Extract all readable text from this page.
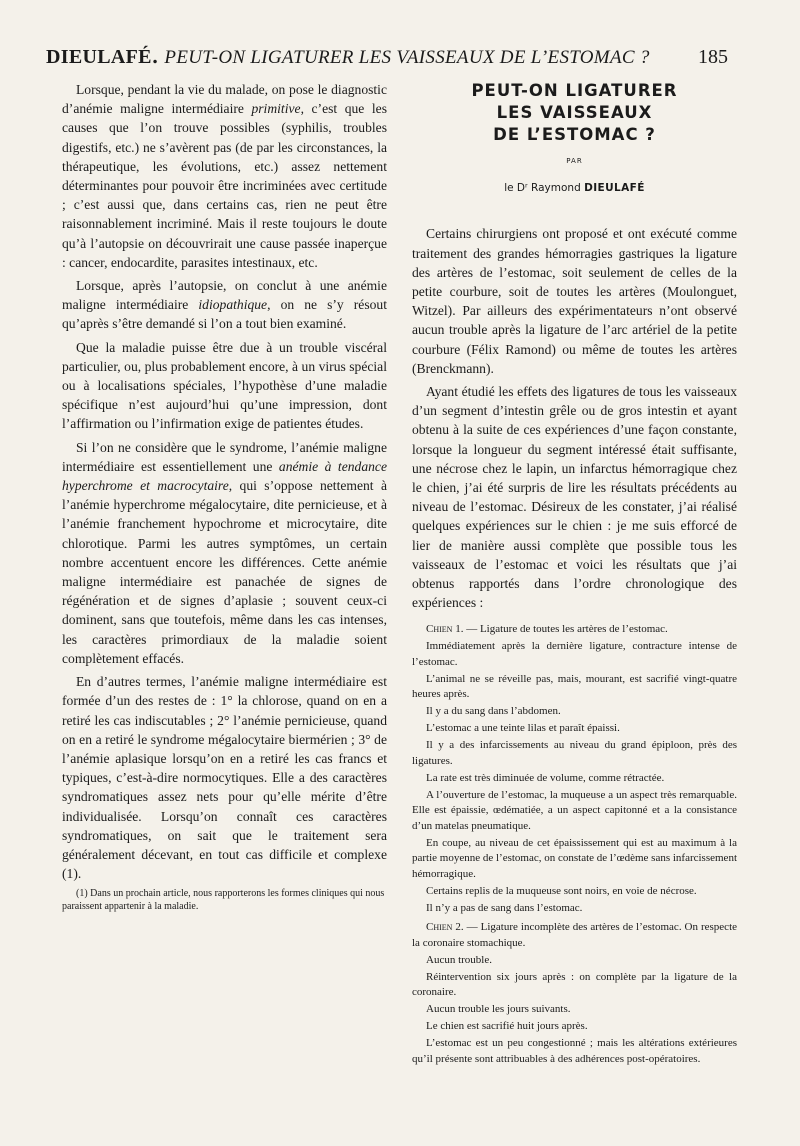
DIEULAFÉ. PEUT-ON LIGATURER LES VAISSEAUX DE L’ESTOMAC ? 185

Lorsque, pendant la vie du malade, on pose le diagnostic d’anémie maligne intermédiaire primitive, c’est que les causes que l’on trouve possibles (syphilis, troubles digestifs, etc.) ne s’avèrent pas (de par les circonstances, la thérapeutique, les évolutions, etc.) assez nettement déterminantes pour pouvoir être incriminées avec certitude ; c’est aussi que, dans certains cas, rien ne peut être raisonnablement incriminé. Mais il reste toujours le doute qu’à l’autopsie on découvrirait une cause passée inaperçue : cancer, endocardite, parasites intestinaux, etc.

Lorsque, après l’autopsie, on conclut à une anémie maligne intermédiaire idiopathique, on ne s’y résout qu’après s’être demandé si l’on a tout bien examiné.

Que la maladie puisse être due à un trouble viscéral particulier, ou, plus probablement encore, à un virus spécial ou à localisations spéciales, l’hypothèse d’une maladie spécifique n’est aujourd’hui qu’une impression, dont l’affirmation ou l’infirmation exige de patientes études.

Si l’on ne considère que le syndrome, l’anémie maligne intermédiaire est essentiellement une anémie à tendance hyperchrome et macrocytaire, qui s’oppose nettement à l’anémie hyperchrome mégalocytaire, dite pernicieuse, et à l’anémie franchement hypochrome et microcytaire, dite chlorotique. Parmi les autres symptômes, un certain nombre accentuent encore les différences. Cette anémie maligne intermédiaire est panachée de signes de régénération et de signes d’aplasie ; souvent ceux-ci dominent, sans que toutefois, même dans les cas intenses, les caractères primordiaux de la maladie soient complètement effacés.

En d’autres termes, l’anémie maligne intermédiaire est formée d’un des restes de : 1° la chlorose, quand on en a retiré les cas indiscutables ; 2° l’anémie pernicieuse, quand on en a retiré le syndrome mégalocytaire biermérien ; 3° de l’anémie aplasique lorsqu’on en a retiré les cas francs et typiques, c’est-à-dire normocytiques. Elle a des caractères syndromatiques assez nets pour qu’elle mérite d’être individualisée. Lorsqu’on connaît ces caractères syndromatiques, on sait que le traitement sera généralement décevant, en tout cas difficile et complexe (1).

(1) Dans un prochain article, nous rapporterons les formes cliniques qui nous paraissent appartenir à la maladie.

PEUT-ON LIGATURER
LES VAISSEAUX
DE L’ESTOMAC ?
PAR
le Dʳ Raymond DIEULAFÉ

Certains chirurgiens ont proposé et ont exécuté comme traitement des grandes hémorragies gastriques la ligature des artères de l’estomac, soit seulement de celles de la petite courbure, soit de toutes les artères (Moulonguet, Witzel). Par ailleurs des expérimentateurs n’ont observé aucun trouble après la ligature de l’arc artériel de la petite courbure (Félix Ramond) ou même de toutes les artères (Brenckmann).

Ayant étudié les effets des ligatures de tous les vaisseaux d’un segment d’intestin grêle ou de gros intestin et ayant obtenu à la suite de ces expériences d’une façon constante, lorsque la longueur du segment intéressé était suffisante, une nécrose chez le lapin, un infarctus hémorragique chez le chien, j’ai été surpris de lire les résultats précédents au niveau de l’estomac. Désireux de les constater, j’ai réalisé quelques expériences sur le chien : je me suis efforcé de lier de manière aussi complète que possible tous les vaisseaux de l’estomac et voici les résultats que j’ai obtenus rapportés dans l’ordre chronologique des expériences :

Chien 1. — Ligature de toutes les artères de l’estomac.

Immédiatement après la dernière ligature, contracture intense de l’estomac.

L’animal ne se réveille pas, mais, mourant, est sacrifié vingt-quatre heures après.

Il y a du sang dans l’abdomen.

L’estomac a une teinte lilas et paraît épaissi.

Il y a des infarcissements au niveau du grand épiploon, près des ligatures.

La rate est très diminuée de volume, comme rétractée.

A l’ouverture de l’estomac, la muqueuse a un aspect très remarquable. Elle est épaissie, œdématiée, a un aspect capitonné et a la consistance d’un matelas pneumatique.

En coupe, au niveau de cet épaississement qui est au maximum à la partie moyenne de l’estomac, on constate de l’œdème sans infarcissement hémorragique.

Certains replis de la muqueuse sont noirs, en voie de nécrose.

Il n’y a pas de sang dans l’estomac.

Chien 2. — Ligature incomplète des artères de l’estomac. On respecte la coronaire stomachique.

Aucun trouble.

Réintervention six jours après : on complète par la ligature de la coronaire.

Aucun trouble les jours suivants.

Le chien est sacrifié huit jours après.

L’estomac est un peu congestionné ; mais les altérations extérieures qu’il présente sont attribuables à des adhérences post-opératoires.
